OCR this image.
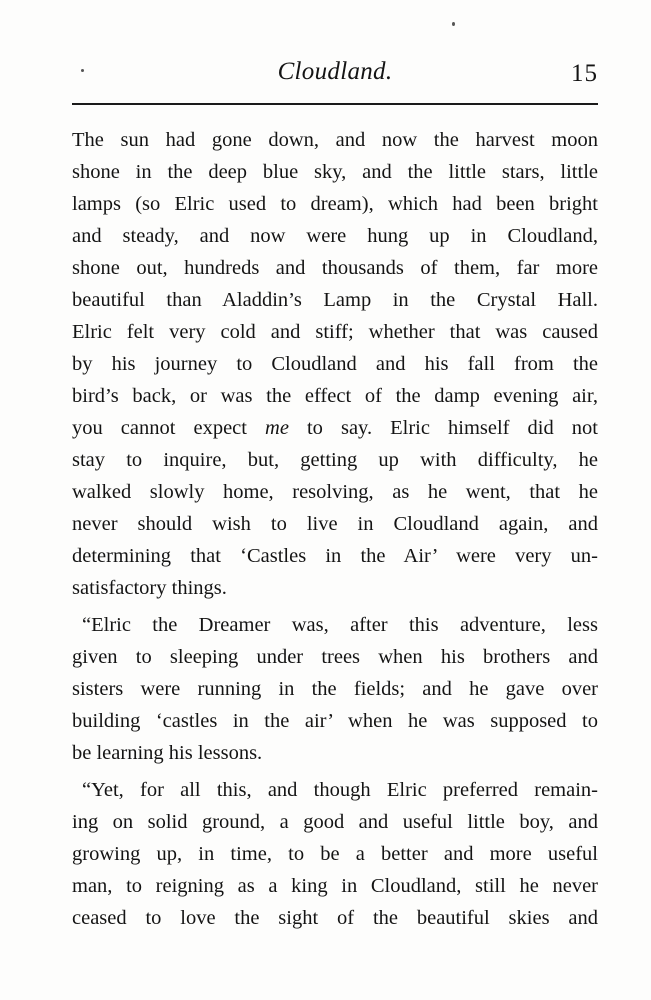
Cloudland.	15
The sun had gone down, and now the harvest moon
shone in the deep blue sky, and the little stars, little
lamps (so Elric used to dream), which had been bright
and steady, and now were hung up in Cloudland,
shone out, hundreds and thousands of them, far more
beautiful than Aladdin’s Lamp in the Crystal Hall.
Elric felt very cold and stiff; whether that was caused
by his journey to Cloudland and his fall from the
bird’s back, or was the effect of the damp evening air,
you cannot expect me to say. Elric himself did not
stay to inquire, but, getting up with difficulty, he
walked slowly home, resolving, as he went, that he
never should wish to live in Cloudland again, and
determining that ‘Castles in the Air’ were very un-
satisfactory things.
“Elric the Dreamer was, after this adventure, less
given to sleeping under trees when his brothers and
sisters were running in the fields; and he gave over
building ‘castles in the air’ when he was supposed to
be learning his lessons.
“Yet, for all this, and though Elric preferred remain-
ing on solid ground, a good and useful little boy, and
growing up, in time, to be a better and more useful
man, to reigning as a king in Cloudland, still he never
ceased to love the sight of the beautiful skies and
